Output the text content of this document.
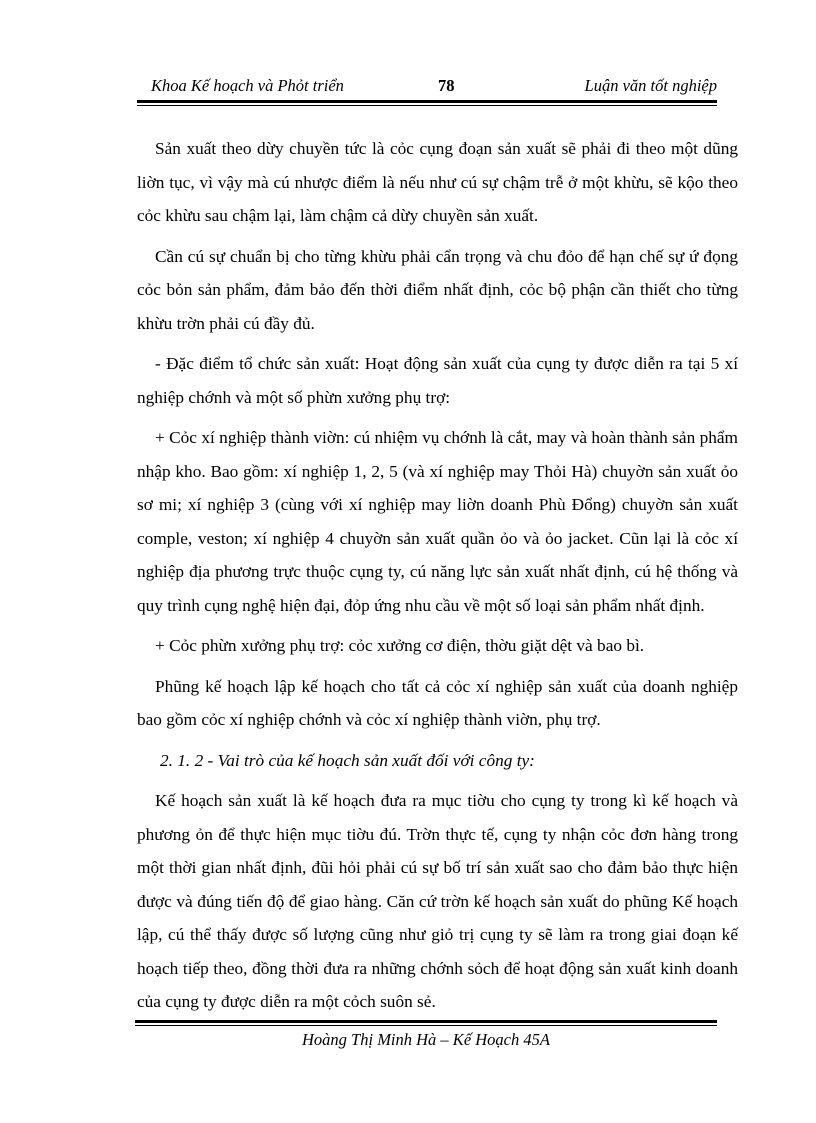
Khoa Kế hoạch và Phỏt triển	78	Luận văn tốt nghiệp

Sản xuất theo dừy chuyền tức là cỏc cụng đoạn sản xuất sẽ phải đi theo một dũng liờn tục, vì vậy mà cú nhược điểm là nếu như cú sự chậm trễ ở một khừu, sẽ kộo theo cỏc khừu sau chậm lại, làm chậm cả dừy chuyền sản xuất.

Cần cú sự chuẩn bị cho từng khừu phải cẩn trọng và chu đỏo để hạn chế sự ứ đọng cỏc bỏn sản phẩm, đảm bảo đến thời điểm nhất định, cỏc bộ phận cần thiết cho từng khừu trờn phải cú đầy đủ.

- Đặc điểm tổ chức sản xuất: Hoạt động sản xuất của cụng ty được diễn ra tại 5 xí nghiệp chớnh và một số phừn xưởng phụ trợ:

+ Cỏc xí nghiệp thành viờn: cú nhiệm vụ chớnh là cắt, may và hoàn thành sản phẩm nhập kho. Bao gồm: xí nghiệp 1, 2, 5 (và xí nghiệp may Thỏi Hà) chuyờn sản xuất ỏo sơ mi; xí nghiệp 3 (cùng với xí nghiệp may liờn doanh Phù Đổng) chuyờn sản xuất comple, veston; xí nghiệp 4 chuyờn sản xuất quần ỏo và ỏo jacket. Cũn lại là cỏc xí nghiệp địa phương trực thuộc cụng ty, cú năng lực sản xuất nhất định, cú hệ thống và quy trình cụng nghệ hiện đại, đỏp ứng nhu cầu về một số loại sản phẩm nhất định.

+ Cỏc phừn xưởng phụ trợ: cỏc xưởng cơ điện, thờu giặt dệt và bao bì.

Phũng kế hoạch lập kế hoạch cho tất cả cỏc xí nghiệp sản xuất của doanh nghiệp bao gồm cỏc xí nghiệp chớnh và cỏc xí nghiệp thành viờn, phụ trợ.

2. 1. 2 - Vai trò của kế hoạch sản xuất đối với công ty:

Kế hoạch sản xuất là kế hoạch đưa ra mục tiờu cho cụng ty trong kì kế hoạch và phương ỏn để thực hiện mục tiờu đú. Trờn thực tế, cụng ty nhận cỏc đơn hàng trong một thời gian nhất định, đũi hỏi phải cú sự bố trí sản xuất sao cho đảm bảo thực hiện được và đúng tiến độ để giao hàng. Căn cứ trờn kế hoạch sản xuất do phũng Kế hoạch lập, cú thể thấy được số lượng cũng như giỏ trị cụng ty sẽ làm ra trong giai đoạn kế hoạch tiếp theo, đồng thời đưa ra những chớnh sỏch để hoạt động sản xuất kinh doanh của cụng ty được diễn ra một cỏch suôn sẻ.

Hoàng Thị Minh Hà – Kế Hoạch 45A
